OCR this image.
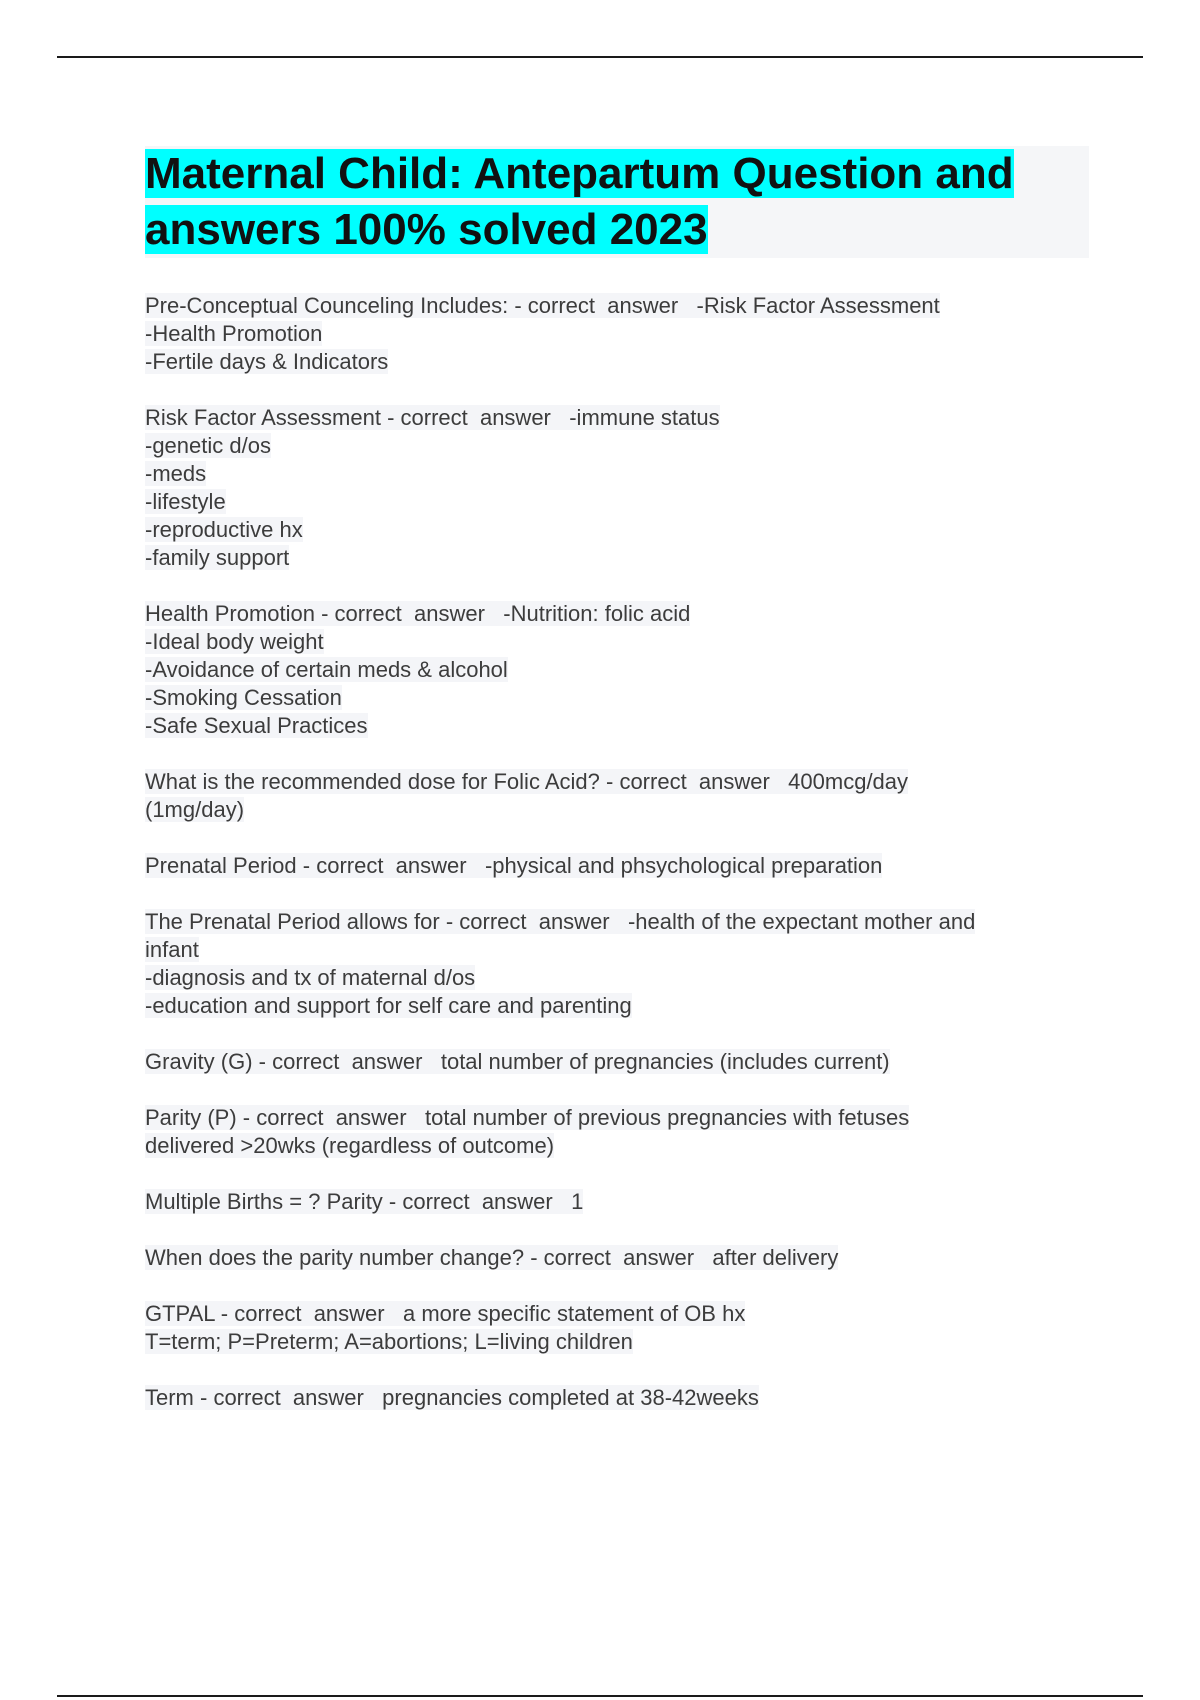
Maternal Child: Antepartum Question and answers 100% solved 2023
Pre-Conceptual Counceling Includes: - correct  answer   -Risk Factor Assessment
-Health Promotion
-Fertile days & Indicators
Risk Factor Assessment - correct  answer   -immune status
-genetic d/os
-meds
-lifestyle
-reproductive hx
-family support
Health Promotion - correct  answer   -Nutrition: folic acid
-Ideal body weight
-Avoidance of certain meds & alcohol
-Smoking Cessation
-Safe Sexual Practices
What is the recommended dose for Folic Acid? - correct  answer   400mcg/day
(1mg/day)
Prenatal Period - correct  answer   -physical and phsychological preparation
The Prenatal Period allows for - correct  answer   -health of the expectant mother and
infant
-diagnosis and tx of maternal d/os
-education and support for self care and parenting
Gravity (G) - correct  answer   total number of pregnancies (includes current)
Parity (P) - correct  answer   total number of previous pregnancies with fetuses
delivered >20wks (regardless of outcome)
Multiple Births = ? Parity - correct  answer   1
When does the parity number change? - correct  answer   after delivery
GTPAL - correct  answer   a more specific statement of OB hx
T=term; P=Preterm; A=abortions; L=living children
Term - correct  answer   pregnancies completed at 38-42weeks
